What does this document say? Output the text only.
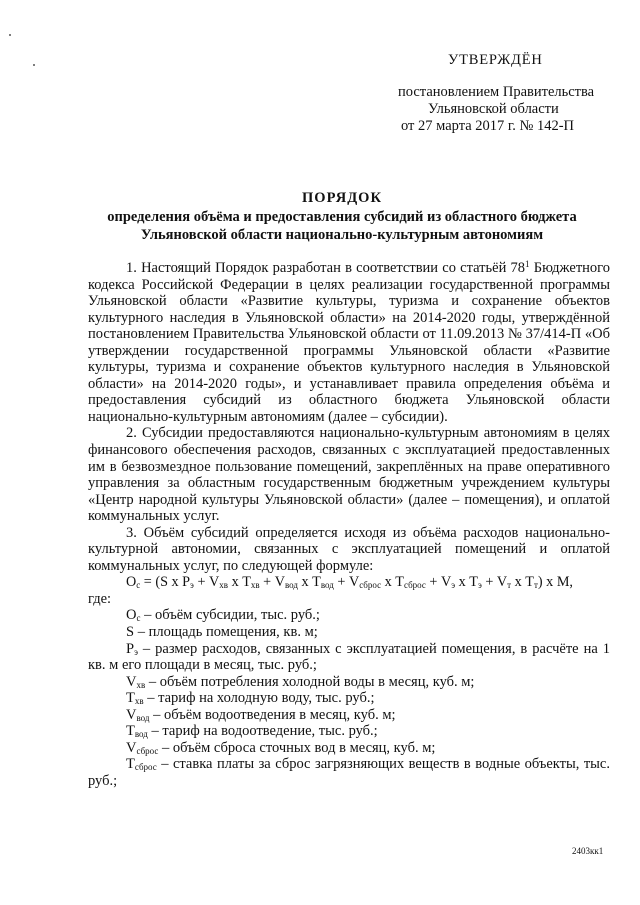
УТВЕРЖДЁН
постановлением Правительства
Ульяновской области
от 27 марта 2017 г. № 142-П
ПОРЯДОК
определения объёма и предоставления субсидий из областного бюджета
Ульяновской области национально-культурным автономиям

1. Настоящий Порядок разработан в соответствии со статьёй $78^1$ Бюджетного кодекса Российской Федерации в целях реализации государственной программы Ульяновской области «Развитие культуры, туризма и сохранение объектов культурного наследия в Ульяновской области» на 2014-2020 годы, утверждённой постановлением Правительства Ульяновской области от 11.09.2013 № 37/414-П «Об утверждении государственной программы Ульяновской области «Развитие культуры, туризма и сохранение объектов культурного наследия в Ульяновской области» на 2014-2020 годы», и устанавливает правила определения объёма и предоставления субсидий из областного бюджета Ульяновской области национально-культурным автономиям (далее – субсидии).

2. Субсидии предоставляются национально-культурным автономиям в целях финансового обеспечения расходов, связанных с эксплуатацией предоставленных им в безвозмездное пользование помещений, закреплённых на праве оперативного управления за областным государственным бюджетным учреждением культуры «Центр народной культуры Ульяновской области» (далее – помещения), и оплатой коммунальных услуг.

3. Объём субсидий определяется исходя из объёма расходов национально-культурной автономии, связанных с эксплуатацией помещений и оплатой коммунальных услуг, по следующей формуле:

$О_с = (S$ х $Р_э + V_{хв}$ х $Т_{хв} + V_{вод}$ х $Т_{вод} + V_{сброс}$ х $Т_{сброс} + V_э$ х $Т_э + V_т$ х $Т_т$) х М,

где:

$О_с$ – объём субсидии, тыс. руб.;

S – площадь помещения, кв. м;

$Р_э$ – размер расходов, связанных с эксплуатацией помещения, в расчёте на 1 кв. м его площади в месяц, тыс. руб.;

$V_{хв}$ – объём потребления холодной воды в месяц, куб. м;

$Т_{хв}$ – тариф на холодную воду, тыс. руб.;

$V_{вод}$ – объём водоотведения в месяц, куб. м;

$Т_{вод}$ – тариф на водоотведение, тыс. руб.;

$V_{сброс}$ – объём сброса сточных вод в месяц, куб. м;

$Т_{сброс}$ – ставка платы за сброс загрязняющих веществ в водные объекты, тыс. руб.;

2403кк1
